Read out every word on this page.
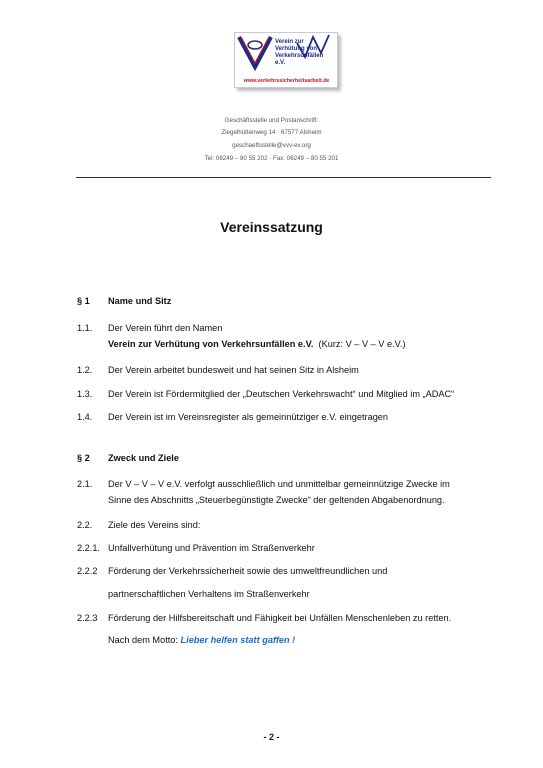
Verein zur
Verhütung von
Verkehrsunfällen e.V.
www.verkehrssicherheitsarbeit.de
Geschäftsstelle und Postanschrift:
Ziegelhüttenweg 14 · 67577 Alsheim
geschaeftsstelle@vvv-ev.org
Tel: 06249 – 80 55 202 · Fax: 06249 – 80 55 201
Vereinssatzung
§ 1 Name und Sitz
1.1. Der Verein führt den Namen
Verein zur Verhütung von Verkehrsunfällen e.V. (Kurz: V – V – V e.V.)
1.2. Der Verein arbeitet bundesweit und hat seinen Sitz in Alsheim
1.3. Der Verein ist Fördermitglied der „Deutschen Verkehrswacht“ und Mitglied im „ADAC“
1.4. Der Verein ist im Vereinsregister als gemeinnütziger e.V. eingetragen
§ 2 Zweck und Ziele
2.1. Der V – V – V e.V. verfolgt ausschließlich und unmittelbar gemeinnützige Zwecke im
Sinne des Abschnitts „Steuerbegünstigte Zwecke“ der geltenden Abgabenordnung.
2.2. Ziele des Vereins sind:
2.2.1. Unfallverhütung und Prävention im Straßenverkehr
2.2.2 Förderung der Verkehrssicherheit sowie des umweltfreundlichen und
partnerschaftlichen Verhaltens im Straßenverkehr
2.2.3 Förderung der Hilfsbereitschaft und Fähigkeit bei Unfällen Menschenleben zu retten.
Nach dem Motto: Lieber helfen statt gaffen !
- 2 -
